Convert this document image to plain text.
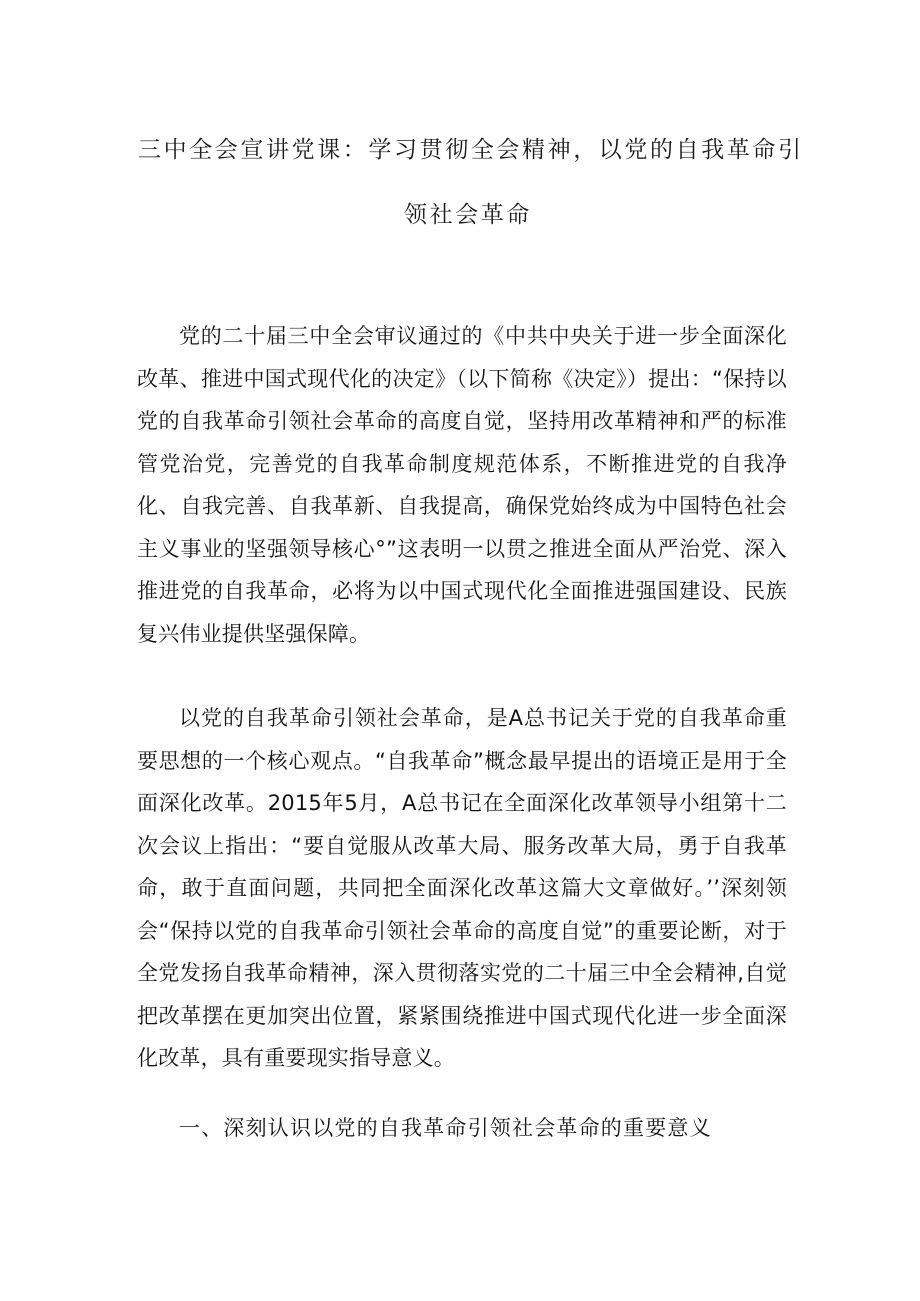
三中全会宣讲党课：学习贯彻全会精神，以党的自我革命引
领社会革命

党的二十届三中全会审议通过的《中共中央关于进一步全面深化改革、推进中国式现代化的决定》（以下简称《决定》）提出：“保持以党的自我革命引领社会革命的高度自觉，坚持用改革精神和严的标准管党治党，完善党的自我革命制度规范体系，不断推进党的自我净化、自我完善、自我革新、自我提高，确保党始终成为中国特色社会主义事业的坚强领导核心°”这表明一以贯之推进全面从严治党、深入推进党的自我革命，必将为以中国式现代化全面推进强国建设、民族复兴伟业提供坚强保障。

以党的自我革命引领社会革命，是A总书记关于党的自我革命重要思想的一个核心观点。“自我革命”概念最早提出的语境正是用于全面深化改革。2015年5月，A总书记在全面深化改革领导小组第十二次会议上指出：“要自觉服从改革大局、服务改革大局，勇于自我革命，敢于直面问题，共同把全面深化改革这篇大文章做好。’’深刻领会“保持以党的自我革命引领社会革命的高度自觉”的重要论断，对于全党发扬自我革命精神，深入贯彻落实党的二十届三中全会精神,自觉把改革摆在更加突出位置，紧紧围绕推进中国式现代化进一步全面深化改革，具有重要现实指导意义。

一、深刻认识以党的自我革命引领社会革命的重要意义
